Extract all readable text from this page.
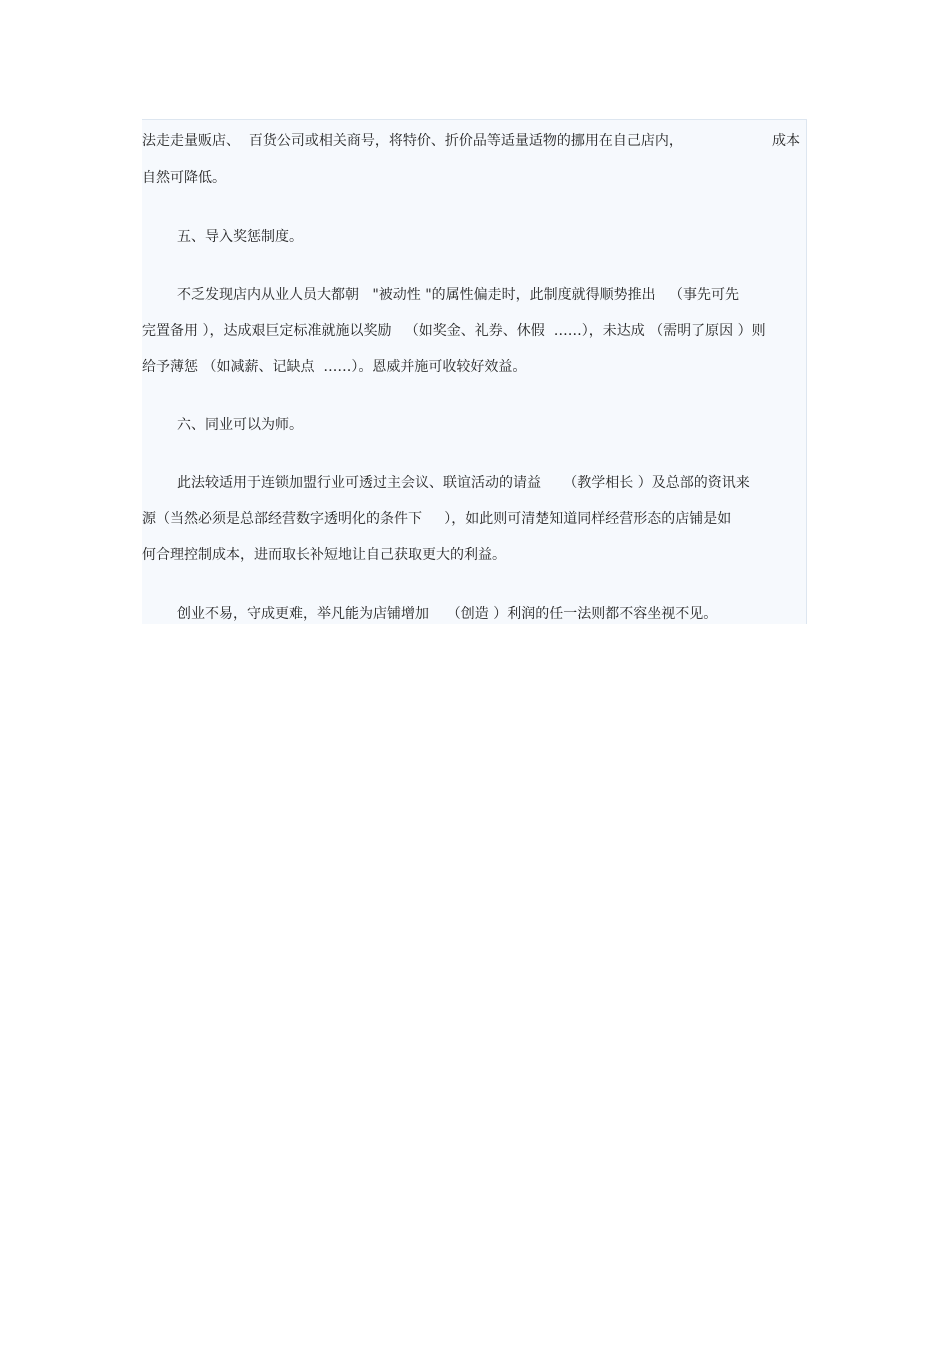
法走走量贩店、  百货公司或相关商号，将特价、折价品等适量适物的挪用在自己店内，	成本
自然可降低。
五、导入奖惩制度。
不乏发现店内从业人员大都朝   "被动性 "的属性偏走时，此制度就得顺势推出   （事先可先
完置备用 ），达成艰巨定标准就施以奖励   （如奖金、礼券、休假  ……），未达成 （需明了原因 ）则
给予薄惩 （如减薪、记缺点  ……）。恩威并施可收较好效益。
六、同业可以为师。
此法较适用于连锁加盟行业可透过主会议、联谊活动的请益     （教学相长 ）及总部的资讯来
源（当然必须是总部经营数字透明化的条件下     ），如此则可清楚知道同样经营形态的店铺是如
何合理控制成本，进而取长补短地让自己获取更大的利益。
创业不易，守成更难，举凡能为店铺增加    （创造 ）利润的任一法则都不容坐视不见。
